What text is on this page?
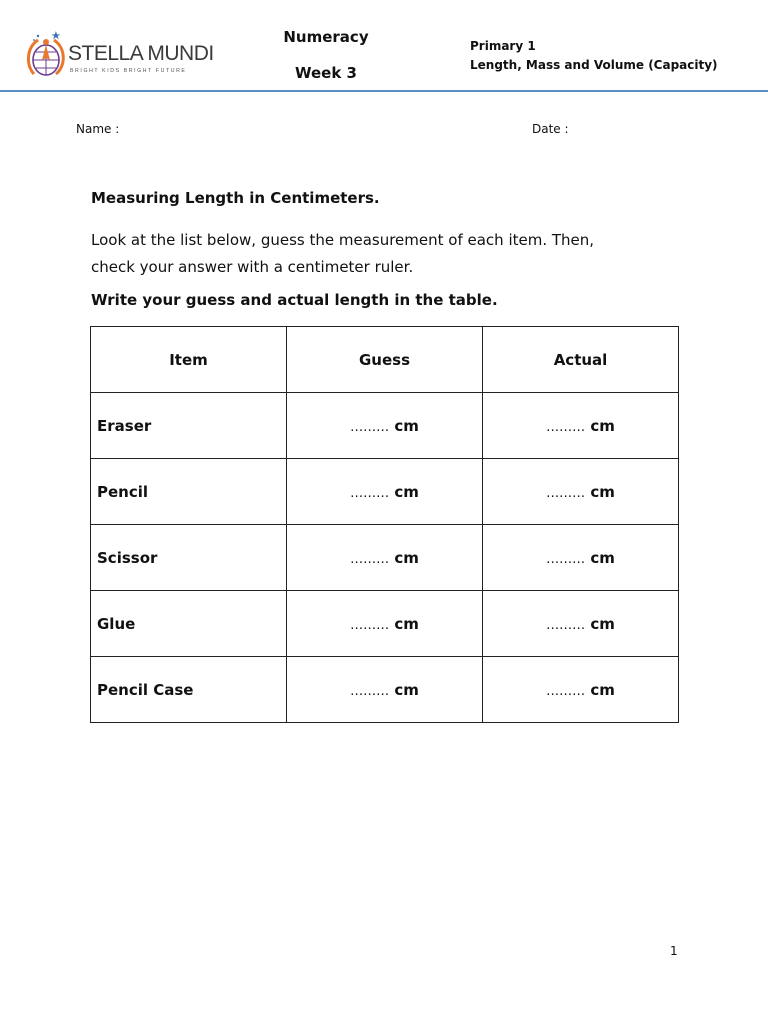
STELLA MUNDI
BRIGHT KIDS BRIGHT FUTURE
Numeracy
Week 3
Primary 1
Length, Mass and Volume (Capacity)
Name :	Date :
Measuring Length in Centimeters.
Look at the list below, guess the measurement of each item. Then,
check your answer with a centimeter ruler.
Write your guess and actual length in the table.
Item	Guess	Actual
Eraser	……… cm	……… cm
Pencil	……… cm	……… cm
Scissor	……… cm	……… cm
Glue	……… cm	……… cm
Pencil Case	……… cm	……… cm
1
